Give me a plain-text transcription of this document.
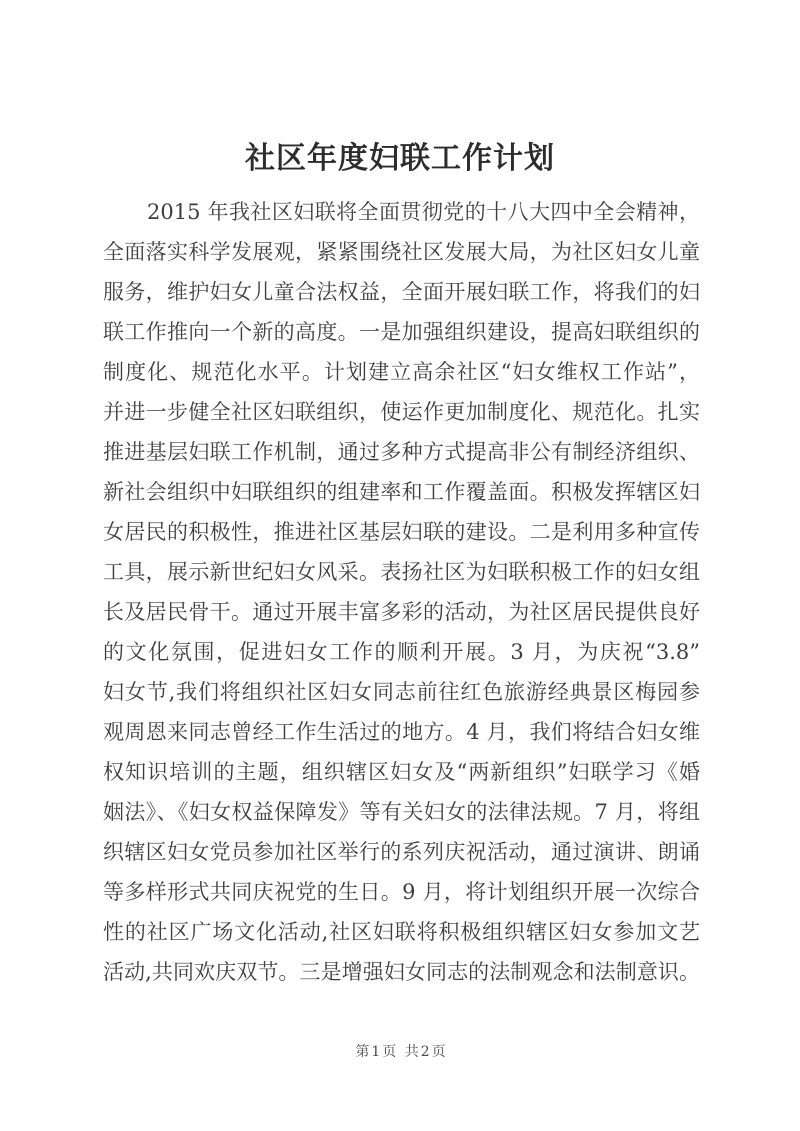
社区年度妇联工作计划
2015 年我社区妇联将全面贯彻党的十八大四中全会精神，
全面落实科学发展观，紧紧围绕社区发展大局，为社区妇女儿童
服务，维护妇女儿童合法权益，全面开展妇联工作，将我们的妇
联工作推向一个新的高度。一是加强组织建设，提高妇联组织的
制度化、规范化水平。计划建立高余社区“妇女维权工作站”，
并进一步健全社区妇联组织，使运作更加制度化、规范化。扎实
推进基层妇联工作机制，通过多种方式提高非公有制经济组织、
新社会组织中妇联组织的组建率和工作覆盖面。积极发挥辖区妇
女居民的积极性，推进社区基层妇联的建设。二是利用多种宣传
工具，展示新世纪妇女风采。表扬社区为妇联积极工作的妇女组
长及居民骨干。通过开展丰富多彩的活动，为社区居民提供良好
的文化氛围，促进妇女工作的顺利开展。3 月，为庆祝“3.8”
妇女节,我们将组织社区妇女同志前往红色旅游经典景区梅园参
观周恩来同志曾经工作生活过的地方。4 月，我们将结合妇女维
权知识培训的主题，组织辖区妇女及“两新组织”妇联学习《婚
姻法》、《妇女权益保障发》等有关妇女的法律法规。7 月，将组
织辖区妇女党员参加社区举行的系列庆祝活动，通过演讲、朗诵
等多样形式共同庆祝党的生日。9 月，将计划组织开展一次综合
性的社区广场文化活动,社区妇联将积极组织辖区妇女参加文艺
活动,共同欢庆双节。三是增强妇女同志的法制观念和法制意识。
第1页 共2页
